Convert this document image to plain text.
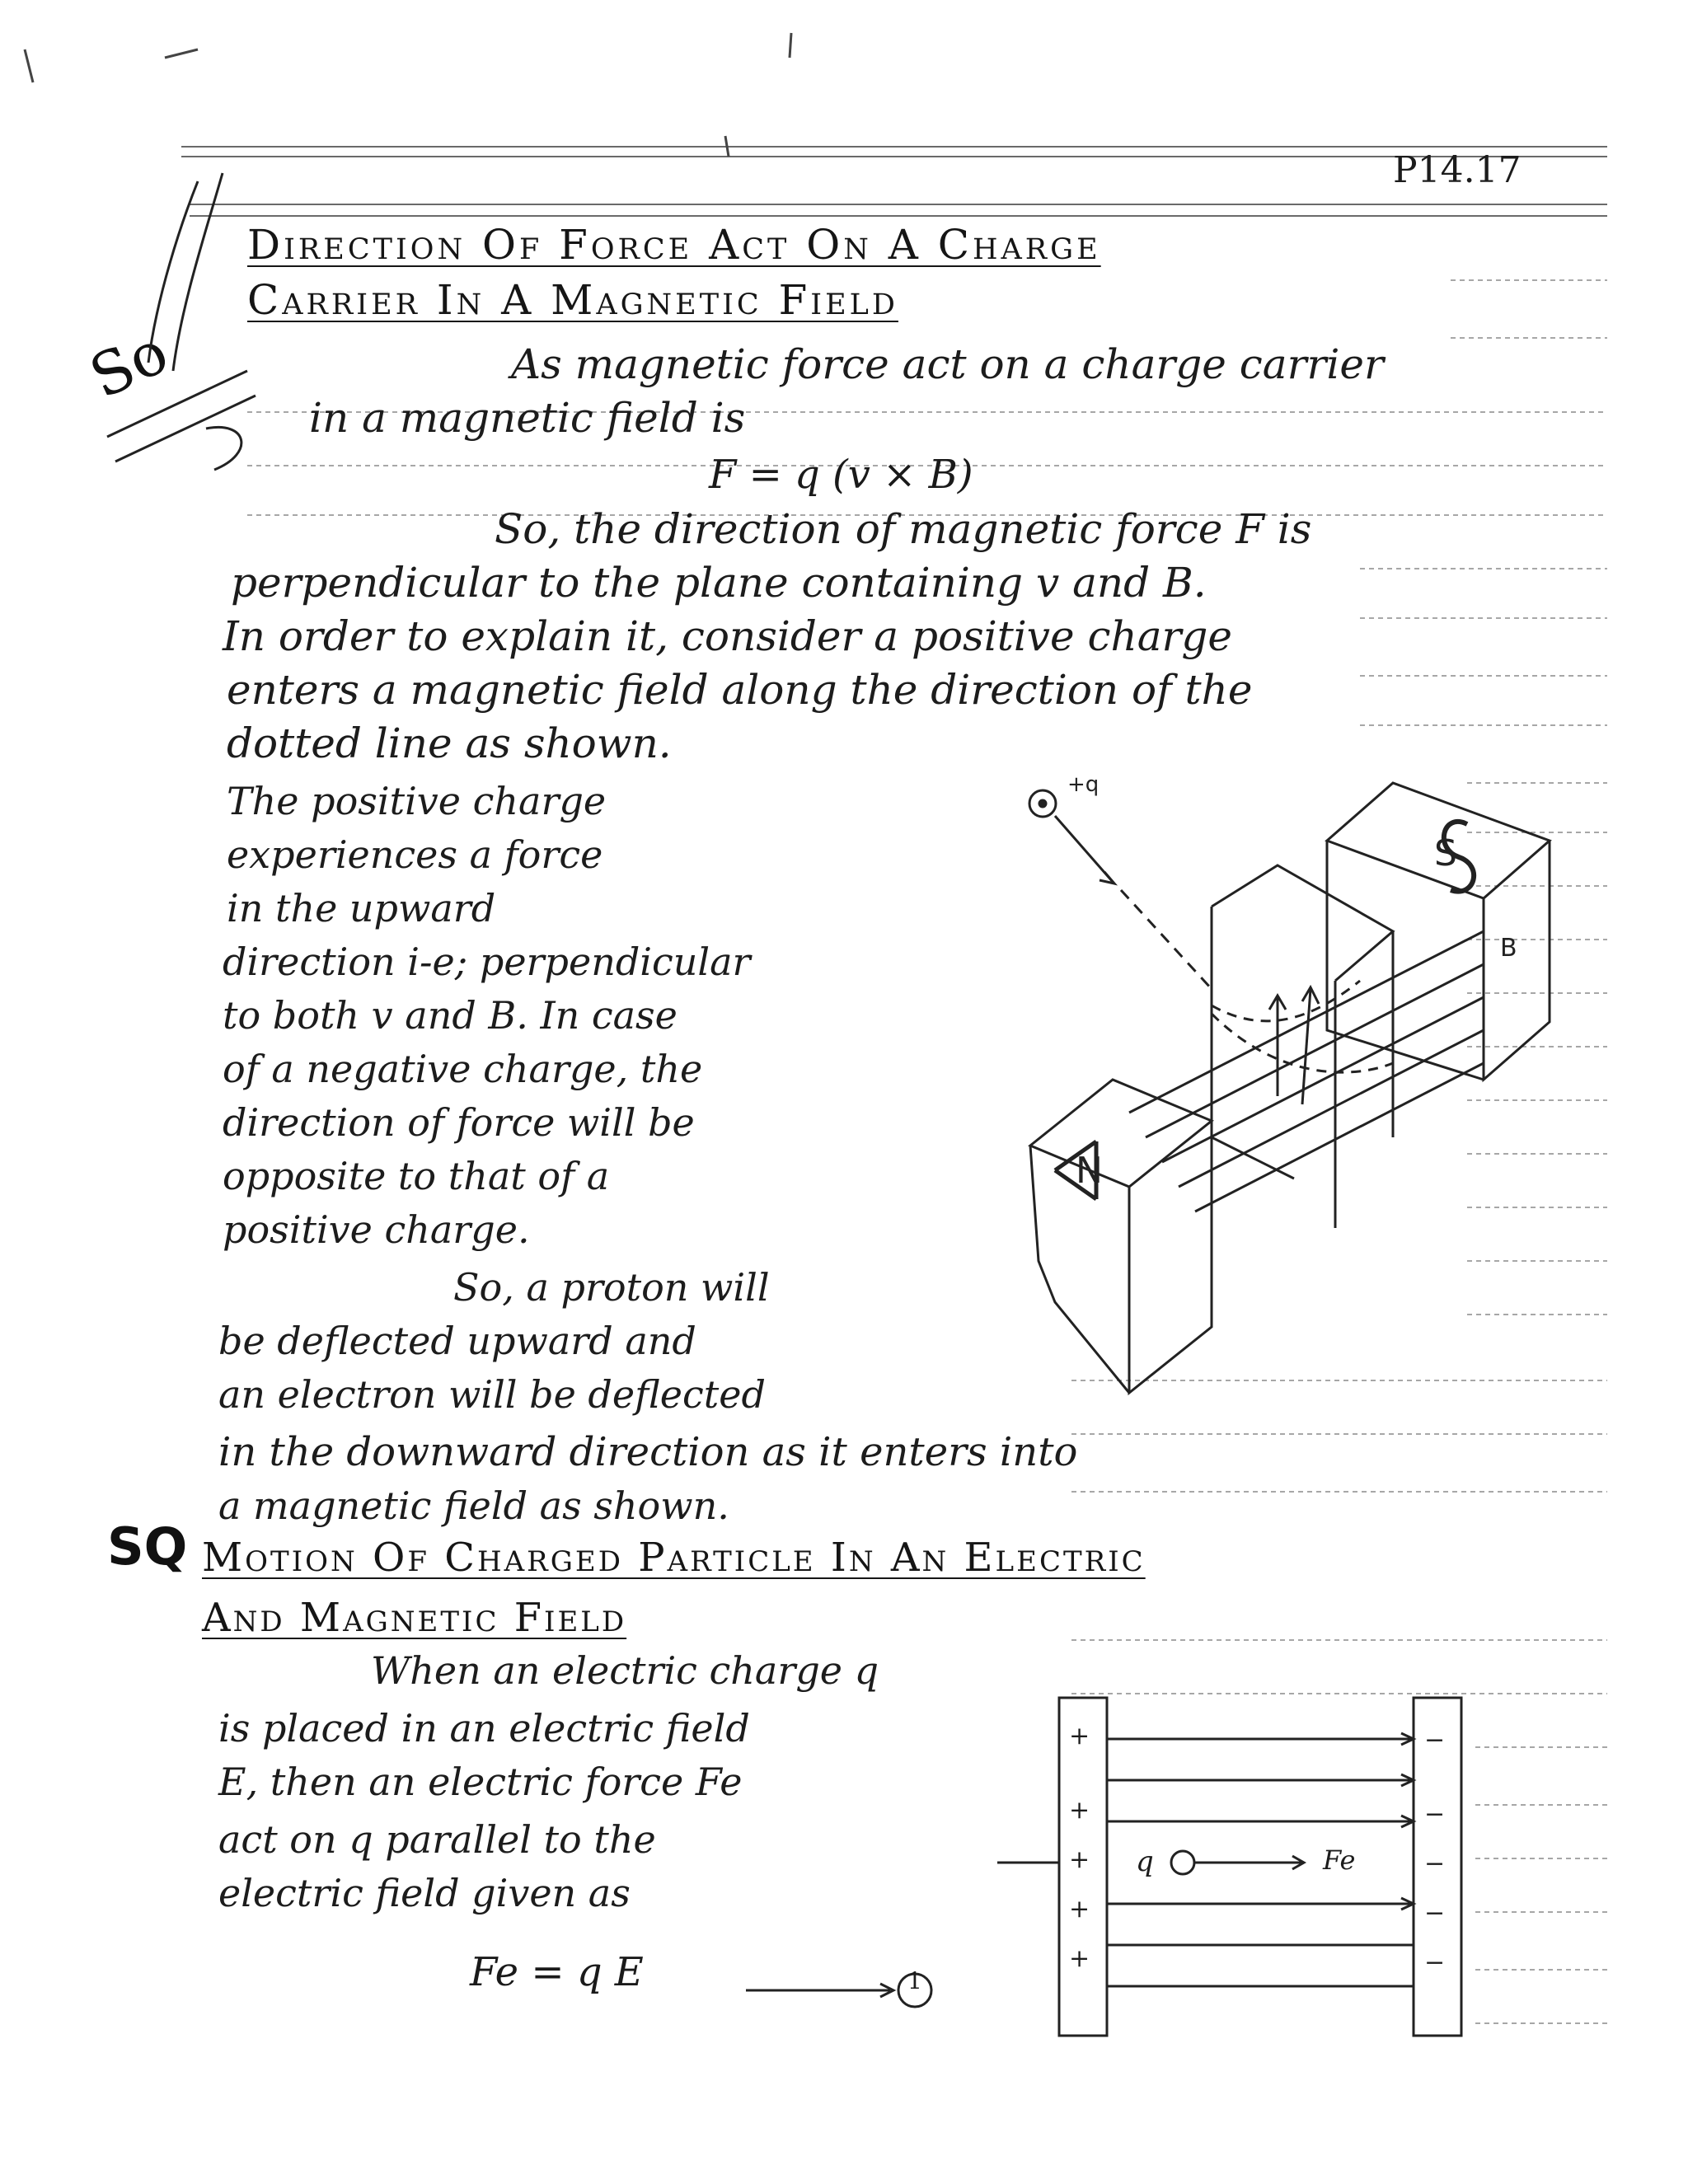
P14.17
So
Direction Of Force Act On A Charge
Carrier In A Magnetic Field
As magnetic force act on a charge carrier
in a magnetic field is
F = q (v × B)
So, the direction of magnetic force F is
perpendicular to the plane containing v and B.
In order to explain it, consider a positive charge
enters a magnetic field along the direction of the
dotted line as shown.
The positive charge
experiences a force
in the upward
direction i-e; perpendicular
to both v and B. In case
of a negative charge, the
direction of force will be
opposite to that of a
positive charge.
So, a proton will
be deflected upward and
an electron will be deflected
in the downward direction as it enters into
a magnetic field as shown.
N
S
B
+q
SQ Motion Of Charged Particle In An Electric
And Magnetic Field
When an electric charge q
is placed in an electric field
E, then an electric force Fe
act on q parallel to the
electric field given as
Fe = q E	1
+
+
+
+
+
−
−
−
−
−
q	Fe
